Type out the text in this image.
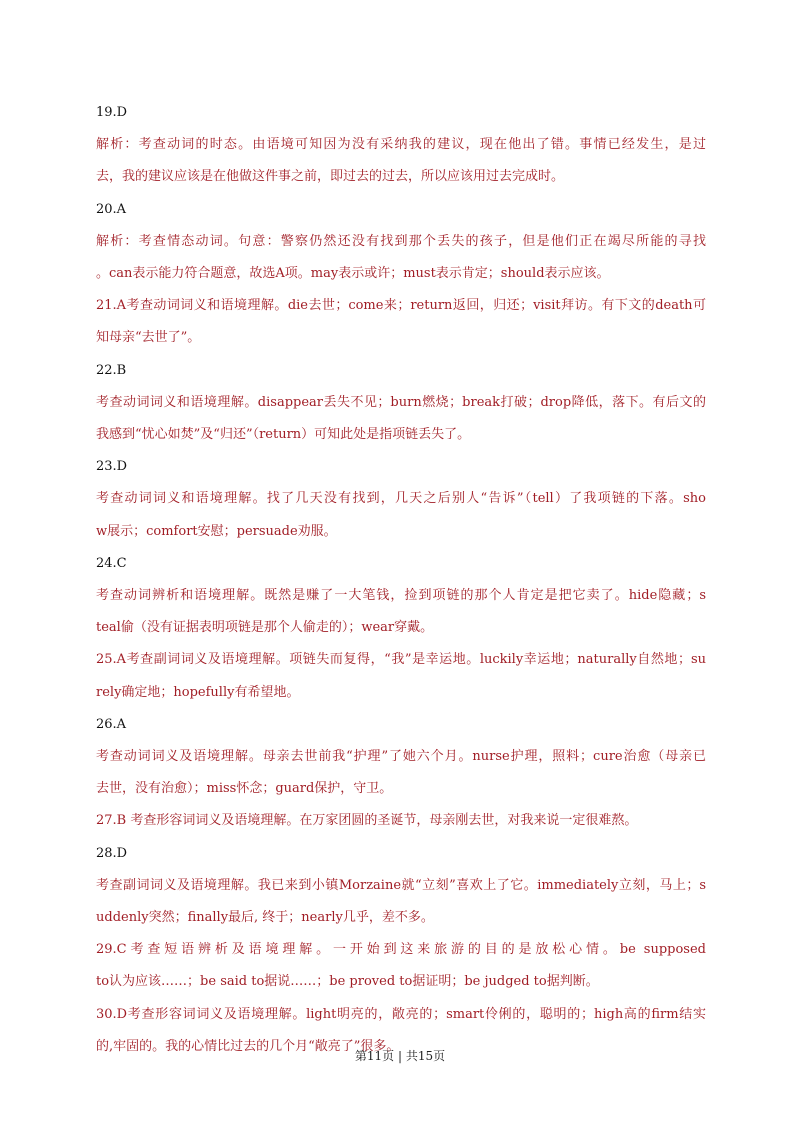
19.D
解析：考查动词的时态。由语境可知因为没有采纳我的建议，现在他出了错。事情已经发生，是过
去，我的建议应该是在他做这件事之前，即过去的过去，所以应该用过去完成时。
20.A
解析：考查情态动词。句意：警察仍然还没有找到那个丢失的孩子，但是他们正在竭尽所能的寻找
。can表示能力符合题意，故选A项。may表示或许；must表示肯定；should表示应该。
21.A考查动词词义和语境理解。die去世；come来；return返回，归还；visit拜访。有下文的death可
知母亲“去世了”。
22.B
考查动词词义和语境理解。disappear丢失不见；burn燃烧；break打破；drop降低，落下。有后文的
我感到“忧心如焚”及“归还”（return）可知此处是指项链丢失了。
23.D
考查动词词义和语境理解。找了几天没有找到，几天之后别人“告诉”（tell）了我项链的下落。sho
w展示；comfort安慰；persuade劝服。
24.C
考查动词辨析和语境理解。既然是赚了一大笔钱，捡到项链的那个人肯定是把它卖了。hide隐藏；s
teal偷（没有证据表明项链是那个人偷走的）；wear穿戴。
25.A考查副词词义及语境理解。项链失而复得，“我”是幸运地。luckily幸运地；naturally自然地；su
rely确定地；hopefully有希望地。
26.A
考查动词词义及语境理解。母亲去世前我“护理”了她六个月。nurse护理，照料；cure治愈（母亲已
去世，没有治愈）；miss怀念；guard保护，守卫。
27.B 考查形容词词义及语境理解。在万家团圆的圣诞节，母亲刚去世，对我来说一定很难熬。
28.D
考查副词词义及语境理解。我已来到小镇Morzaine就“立刻”喜欢上了它。immediately立刻，马上；s
uddenly突然；finally最后, 终于；nearly几乎，差不多。
29.C考查短语辨析及语境理解。一开始到这来旅游的目的是放松心情。be supposed
to认为应该……；be said to据说……；be proved to据证明；be judged to据判断。
30.D考查形容词词义及语境理解。light明亮的，敞亮的；smart伶俐的，聪明的；high高的firm结实
的,牢固的。我的心情比过去的几个月“敞亮了”很多。
第11页 | 共15页
